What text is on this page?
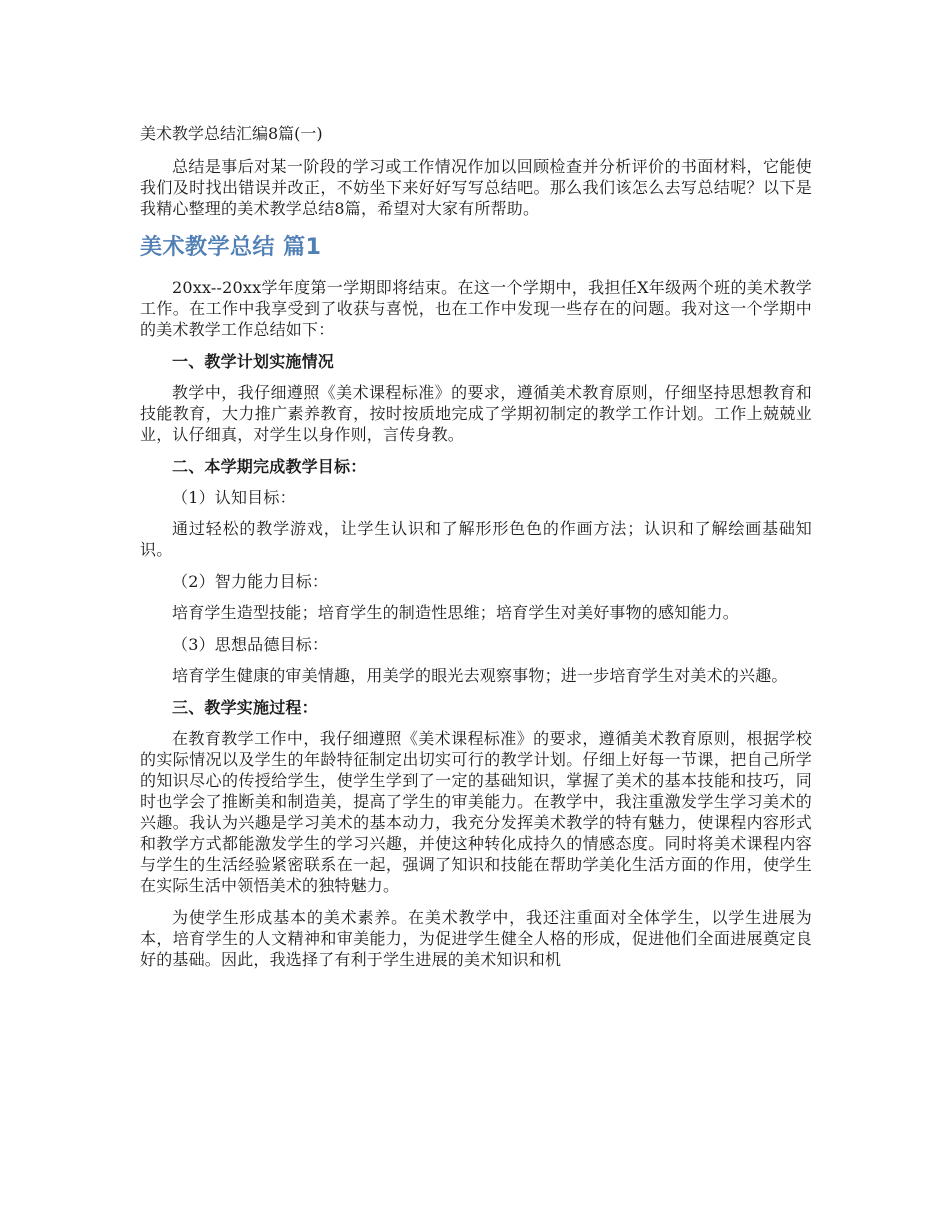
美术教学总结汇编8篇(一)

总结是事后对某一阶段的学习或工作情况作加以回顾检查并分析评价的书面材料，它能使我们及时找出错误并改正，不妨坐下来好好写写总结吧。那么我们该怎么去写总结呢？以下是我精心整理的美术教学总结8篇，希望对大家有所帮助。

美术教学总结 篇1

20xx--20xx学年度第一学期即将结束。在这一个学期中，我担任X年级两个班的美术教学工作。在工作中我享受到了收获与喜悦，也在工作中发现一些存在的问题。我对这一个学期中的美术教学工作总结如下：

一、教学计划实施情况

教学中，我仔细遵照《美术课程标准》的要求，遵循美术教育原则，仔细坚持思想教育和技能教育，大力推广素养教育，按时按质地完成了学期初制定的教学工作计划。工作上兢兢业业，认仔细真，对学生以身作则，言传身教。

二、本学期完成教学目标：

（1）认知目标：

通过轻松的教学游戏，让学生认识和了解形形色色的作画方法；认识和了解绘画基础知识。

（2）智力能力目标：

培育学生造型技能；培育学生的制造性思维；培育学生对美好事物的感知能力。

（3）思想品德目标：

培育学生健康的审美情趣，用美学的眼光去观察事物；进一步培育学生对美术的兴趣。

三、教学实施过程：

在教育教学工作中，我仔细遵照《美术课程标准》的要求，遵循美术教育原则，根据学校的实际情况以及学生的年龄特征制定出切实可行的教学计划。仔细上好每一节课，把自己所学的知识尽心的传授给学生，使学生学到了一定的基础知识，掌握了美术的基本技能和技巧，同时也学会了推断美和制造美，提高了学生的审美能力。在教学中，我注重激发学生学习美术的兴趣。我认为兴趣是学习美术的基本动力，我充分发挥美术教学的特有魅力，使课程内容形式和教学方式都能激发学生的学习兴趣，并使这种转化成持久的情感态度。同时将美术课程内容与学生的生活经验紧密联系在一起，强调了知识和技能在帮助学美化生活方面的作用，使学生在实际生活中领悟美术的独特魅力。

为使学生形成基本的美术素养。在美术教学中，我还注重面对全体学生，以学生进展为本，培育学生的人文精神和审美能力，为促进学生健全人格的形成，促进他们全面进展奠定良好的基础。因此，我选择了有利于学生进展的美术知识和机
